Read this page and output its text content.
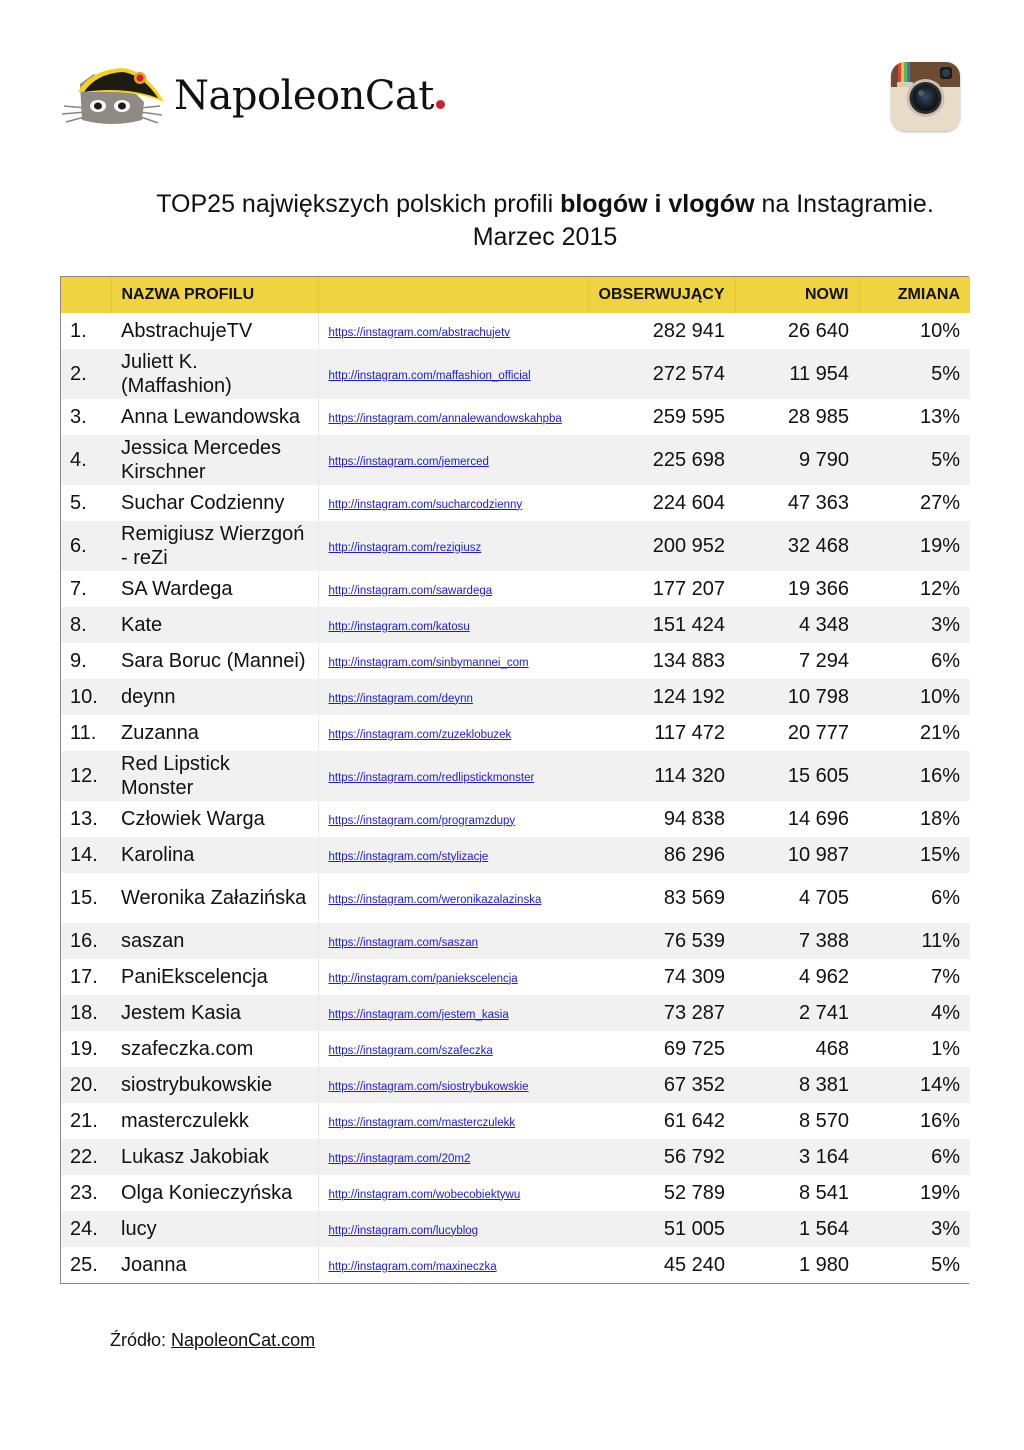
NapoleonCat
TOP25 największych polskich profili blogów i vlogów na Instagramie.
Marzec 2015
	NAZWA PROFILU		OBSERWUJĄCY	NOWI	ZMIANA
1.	AbstrachujeTV	https://instagram.com/abstrachujetv	282 941	26 640	10%
2.	Juliett K. (Maffashion)	http://instagram.com/maffashion_official	272 574	11 954	5%
3.	Anna Lewandowska	https://instagram.com/annalewandowskahpba	259 595	28 985	13%
4.	Jessica Mercedes Kirschner	https://instagram.com/jemerced	225 698	9 790	5%
5.	Suchar Codzienny	http://instagram.com/sucharcodzienny	224 604	47 363	27%
6.	Remigiusz Wierzgoń - reZi	http://instagram.com/rezigiusz	200 952	32 468	19%
7.	SA Wardega	http://instagram.com/sawardega	177 207	19 366	12%
8.	Kate	http://instagram.com/katosu	151 424	4 348	3%
9.	Sara Boruc (Mannei)	http://instagram.com/sinbymannei_com	134 883	7 294	6%
10.	deynn	https://instagram.com/deynn	124 192	10 798	10%
11.	Zuzanna	https://instagram.com/zuzeklobuzek	117 472	20 777	21%
12.	Red Lipstick Monster	https://instagram.com/redlipstickmonster	114 320	15 605	16%
13.	Człowiek Warga	https://instagram.com/programzdupy	94 838	14 696	18%
14.	Karolina	https://instagram.com/stylizacje	86 296	10 987	15%
15.	Weronika Załazińska	https://instagram.com/weronikazalazinska	83 569	4 705	6%
16.	saszan	https://instagram.com/saszan	76 539	7 388	11%
17.	PaniEkscelencja	http://instagram.com/paniekscelencja	74 309	4 962	7%
18.	Jestem Kasia	https://instagram.com/jestem_kasia	73 287	2 741	4%
19.	szafeczka.com	https://instagram.com/szafeczka	69 725	468	1%
20.	siostrybukowskie	https://instagram.com/siostrybukowskie	67 352	8 381	14%
21.	masterczulekk	https://instagram.com/masterczulekk	61 642	8 570	16%
22.	Lukasz Jakobiak	https://instagram.com/20m2	56 792	3 164	6%
23.	Olga Konieczyńska	http://instagram.com/wobecobiektywu	52 789	8 541	19%
24.	lucy	http://instagram.com/lucyblog	51 005	1 564	3%
25.	Joanna	http://instagram.com/maxineczka	45 240	1 980	5%
Źródło: NapoleonCat.com
